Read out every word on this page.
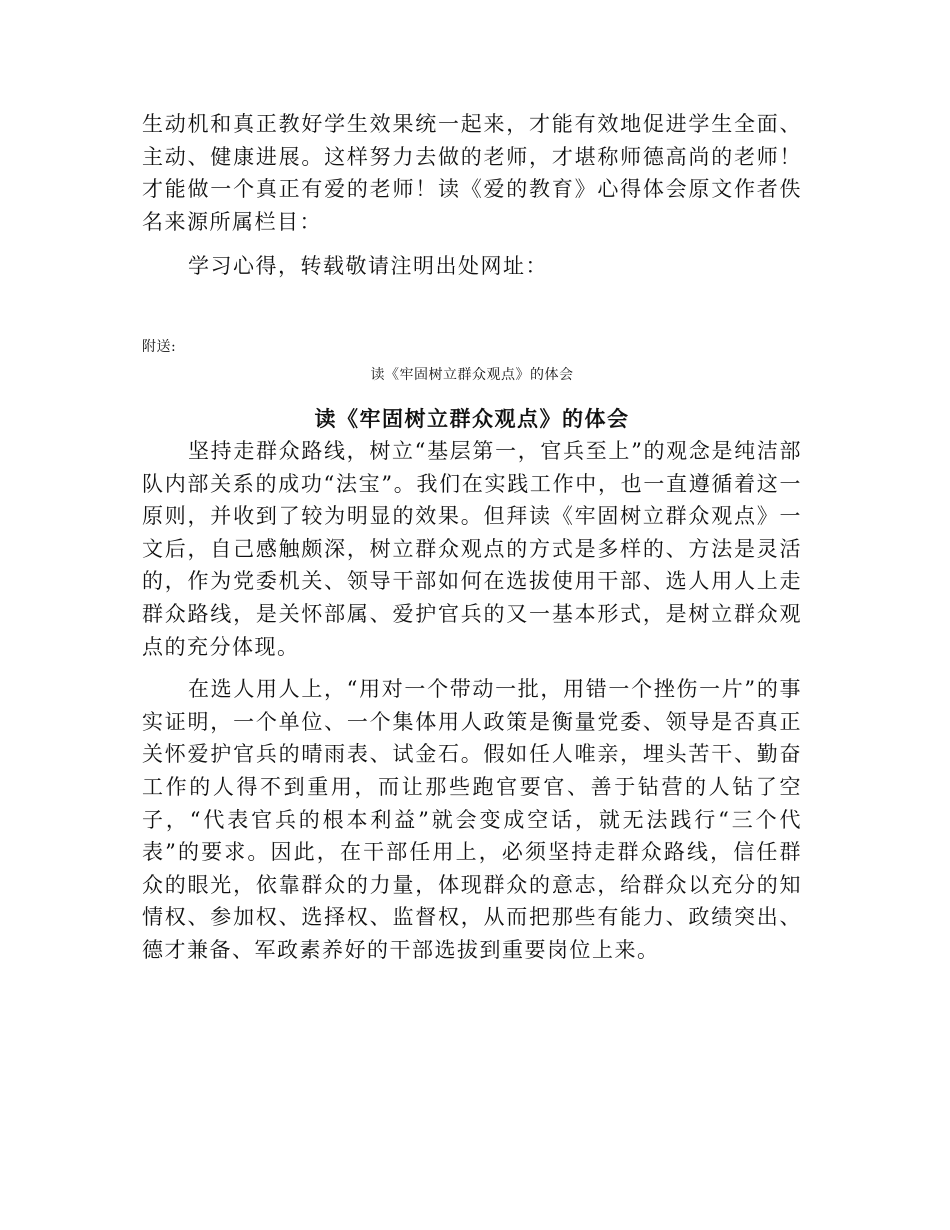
生动机和真正教好学生效果统一起来，才能有效地促进学生全面、主动、健康进展。这样努力去做的老师，才堪称师德高尚的老师！才能做一个真正有爱的老师！读《爱的教育》心得体会原文作者佚名来源所属栏目：

学习心得，转载敬请注明出处网址：

附送:

读《牢固树立群众观点》的体会

读《牢固树立群众观点》的体会

坚持走群众路线，树立“基层第一，官兵至上”的观念是纯洁部队内部关系的成功“法宝”。我们在实践工作中，也一直遵循着这一原则，并收到了较为明显的效果。但拜读《牢固树立群众观点》一文后，自己感触颇深，树立群众观点的方式是多样的、方法是灵活的，作为党委机关、领导干部如何在选拔使用干部、选人用人上走群众路线，是关怀部属、爱护官兵的又一基本形式，是树立群众观点的充分体现。

在选人用人上，“用对一个带动一批，用错一个挫伤一片”的事实证明，一个单位、一个集体用人政策是衡量党委、领导是否真正关怀爱护官兵的晴雨表、试金石。假如任人唯亲，埋头苦干、勤奋工作的人得不到重用，而让那些跑官要官、善于钻营的人钻了空子，“代表官兵的根本利益”就会变成空话，就无法践行“三个代表”的要求。因此，在干部任用上，必须坚持走群众路线，信任群众的眼光，依靠群众的力量，体现群众的意志，给群众以充分的知情权、参加权、选择权、监督权，从而把那些有能力、政绩突出、德才兼备、军政素养好的干部选拔到重要岗位上来。
